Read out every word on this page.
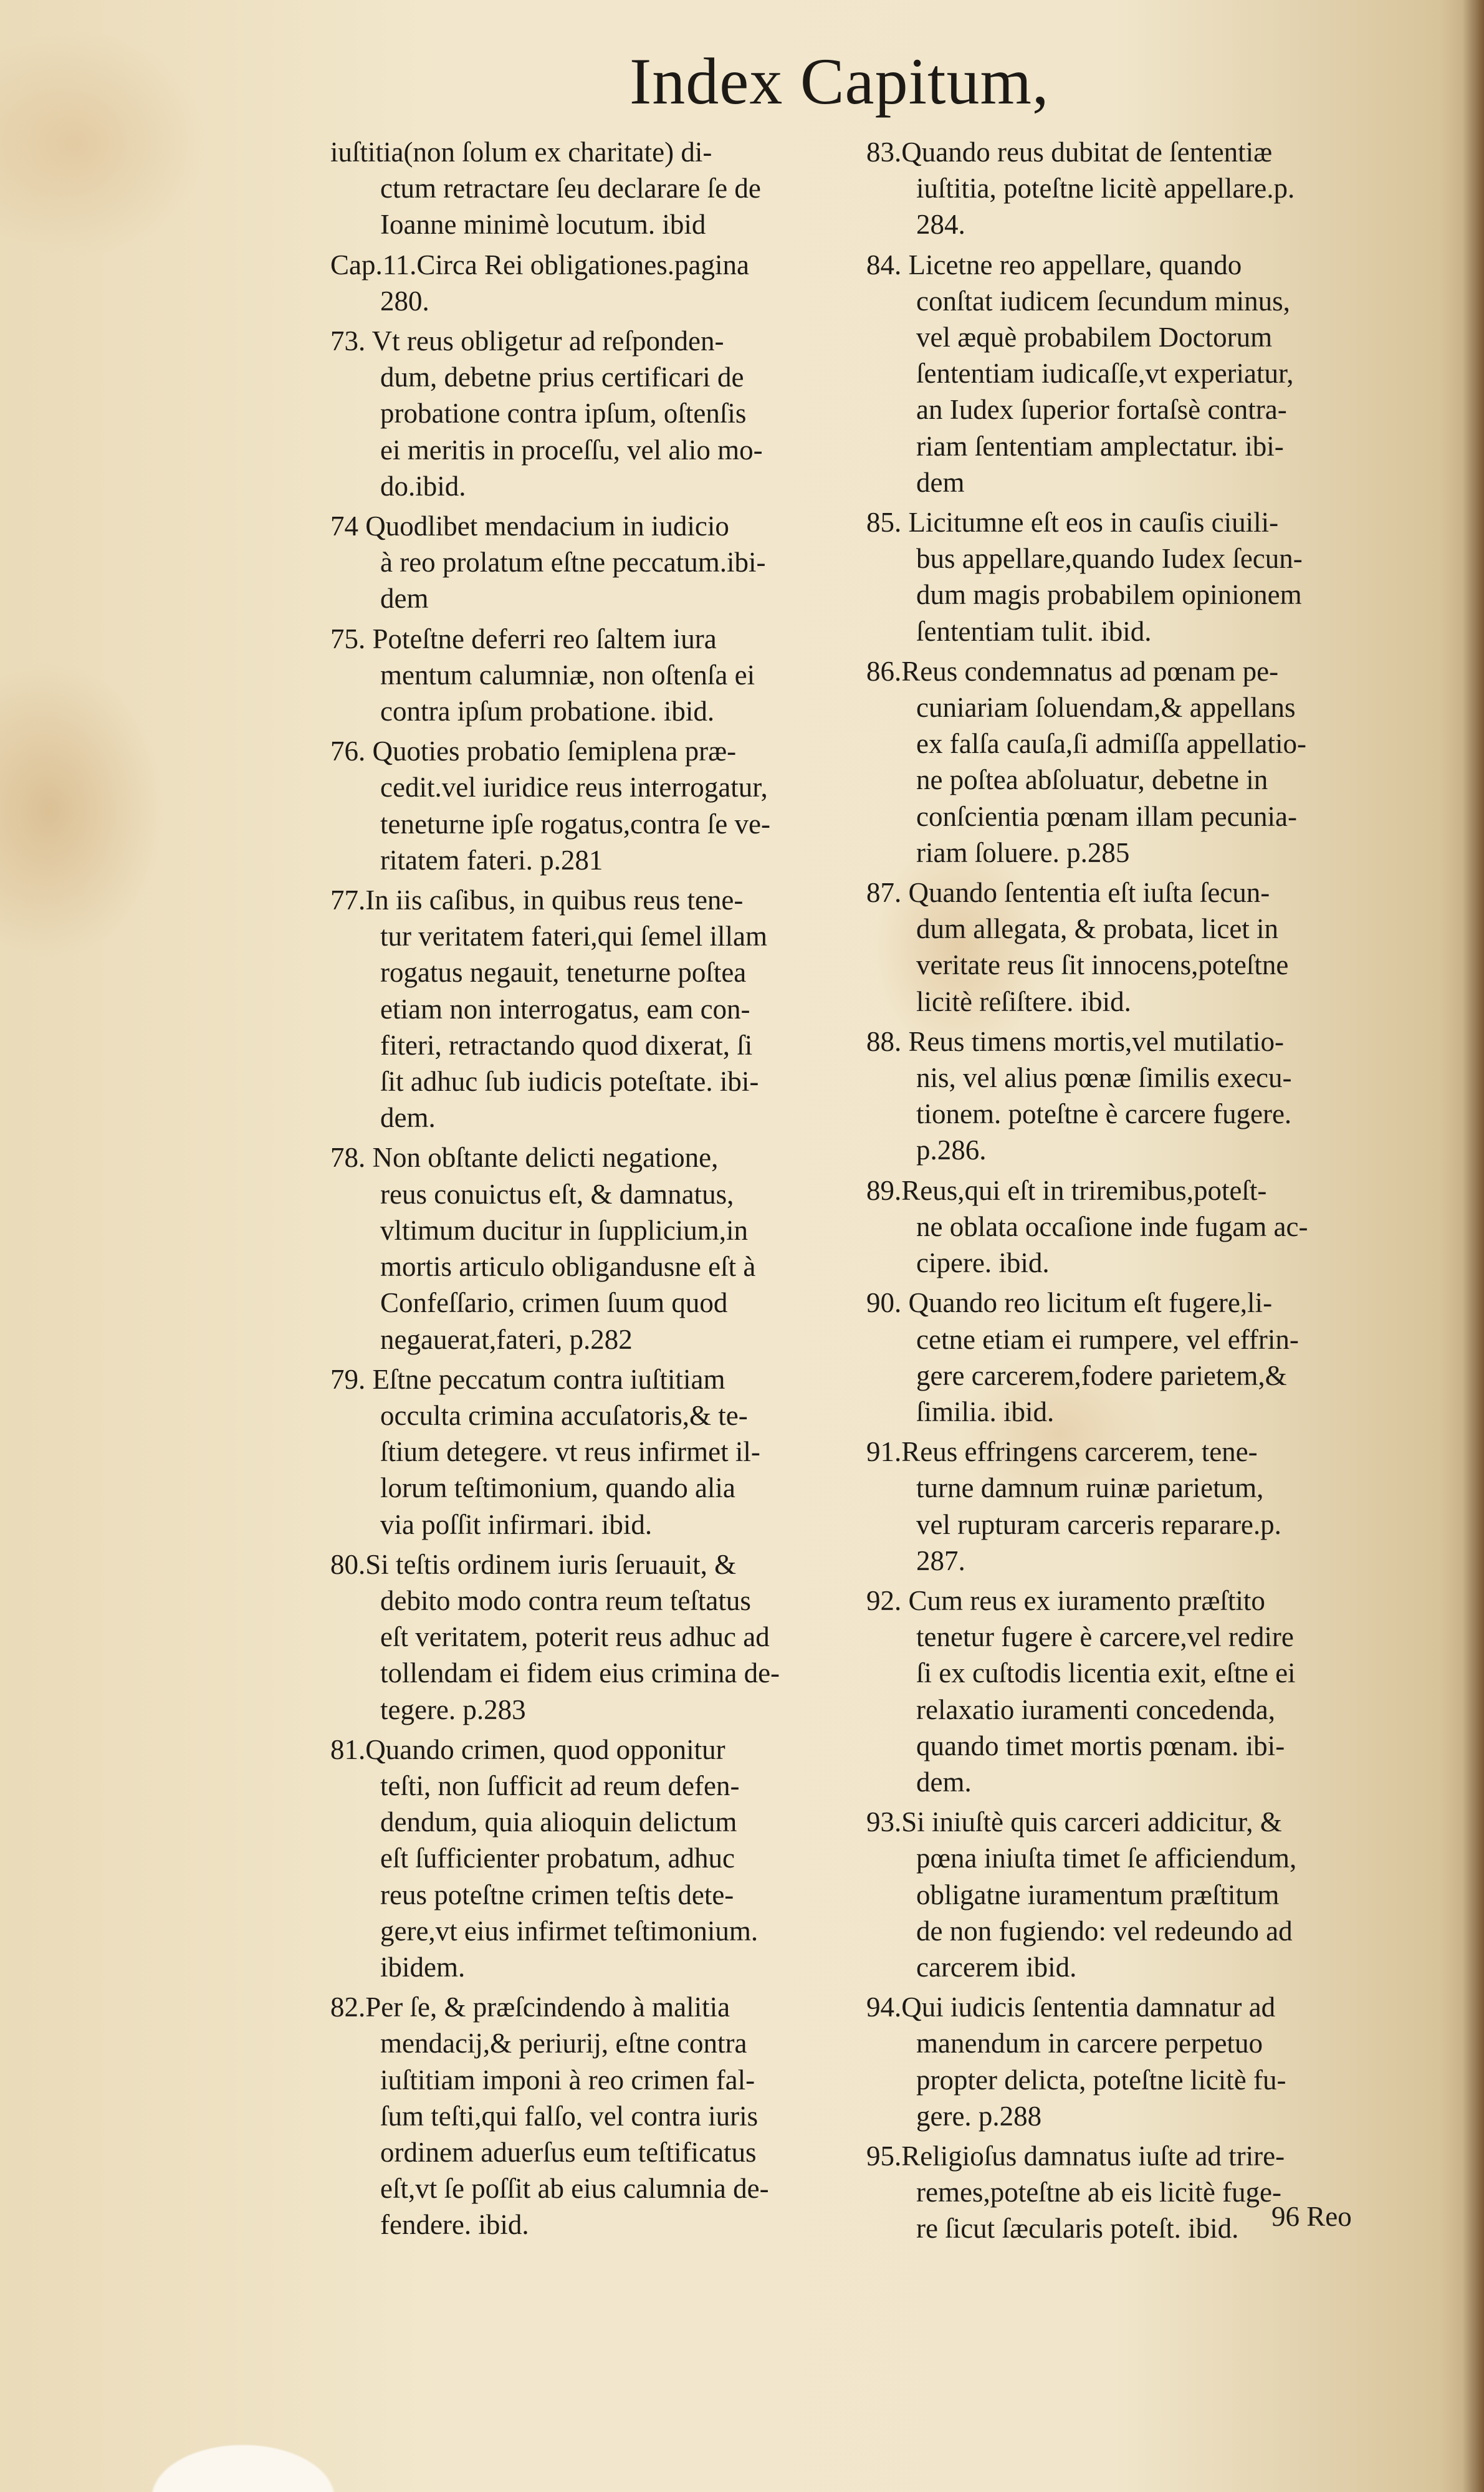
Index Capitum,
iuſtitia(non ſolum ex charitate) di-
ctum retractare ſeu declarare ſe de
Ioanne minimè locutum. ibid
Cap.11.Circa Rei obligationes.pagina
280.
73. Vt reus obligetur ad reſponden-
dum, debetne prius certificari de
probatione contra ipſum, oſtenſis
ei meritis in proceſſu, vel alio mo-
do.ibid.
74 Quodlibet mendacium in iudicio
à reo prolatum eſtne peccatum.ibi-
dem
75. Poteſtne deferri reo ſaltem iura
mentum calumniæ, non oſtenſa ei
contra ipſum probatione. ibid.
76. Quoties probatio ſemiplena præ-
cedit.vel iuridice reus interrogatur,
teneturne ipſe rogatus,contra ſe ve-
ritatem fateri. p.281
77.In iis caſibus, in quibus reus tene-
tur veritatem fateri,qui ſemel illam
rogatus negauit, teneturne poſtea
etiam non interrogatus, eam con-
fiteri, retractando quod dixerat, ſi
ſit adhuc ſub iudicis poteſtate. ibi-
dem.
78. Non obſtante delicti negatione,
reus conuictus eſt, & damnatus,
vltimum ducitur in ſupplicium,in
mortis articulo obligandusne eſt à
Confeſſario, crimen ſuum quod
negauerat,fateri, p.282
79. Eſtne peccatum contra iuſtitiam
occulta crimina accuſatoris,& te-
ſtium detegere. vt reus infirmet il-
lorum teſtimonium, quando alia
via poſſit infirmari. ibid.
80.Si teſtis ordinem iuris ſeruauit, &
debito modo contra reum teſtatus
eſt veritatem, poterit reus adhuc ad
tollendam ei fidem eius crimina de-
tegere. p.283
81.Quando crimen, quod opponitur
teſti, non ſufficit ad reum defen-
dendum, quia alioquin delictum
eſt ſufficienter probatum, adhuc
reus poteſtne crimen teſtis dete-
gere,vt eius infirmet teſtimonium.
ibidem.
82.Per ſe, & præſcindendo à malitia
mendacij,& periurij, eſtne contra
iuſtitiam imponi à reo crimen fal-
ſum teſti,qui falſo, vel contra iuris
ordinem aduerſus eum teſtificatus
eſt,vt ſe poſſit ab eius calumnia de-
fendere. ibid.
83.Quando reus dubitat de ſententiæ
iuſtitia, poteſtne licitè appellare.p.
284.
84. Licetne reo appellare, quando
conſtat iudicem ſecundum minus,
vel æquè probabilem Doctorum
ſententiam iudicaſſe,vt experiatur,
an Iudex ſuperior fortaſsè contra-
riam ſententiam amplectatur. ibi-
dem
85. Licitumne eſt eos in cauſis ciuili-
bus appellare,quando Iudex ſecun-
dum magis probabilem opinionem
ſententiam tulit. ibid.
86.Reus condemnatus ad pœnam pe-
cuniariam ſoluendam,& appellans
ex falſa cauſa,ſi admiſſa appellatio-
ne poſtea abſoluatur, debetne in
conſcientia pœnam illam pecunia-
riam ſoluere. p.285
87. Quando ſententia eſt iuſta ſecun-
dum allegata, & probata, licet in
veritate reus ſit innocens,poteſtne
licitè reſiſtere. ibid.
88. Reus timens mortis,vel mutilatio-
nis, vel alius pœnæ ſimilis execu-
tionem. poteſtne è carcere fugere.
p.286.
89.Reus,qui eſt in triremibus,poteſt-
ne oblata occaſione inde fugam ac-
cipere. ibid.
90. Quando reo licitum eſt fugere,li-
cetne etiam ei rumpere, vel effrin-
gere carcerem,fodere parietem,&
ſimilia. ibid.
91.Reus effringens carcerem, tene-
turne damnum ruinæ parietum,
vel rupturam carceris reparare.p.
287.
92. Cum reus ex iuramento præſtito
tenetur fugere è carcere,vel redire
ſi ex cuſtodis licentia exit, eſtne ei
relaxatio iuramenti concedenda,
quando timet mortis pœnam. ibi-
dem.
93.Si iniuſtè quis carceri addicitur, &
pœna iniuſta timet ſe afficiendum,
obligatne iuramentum præſtitum
de non fugiendo: vel redeundo ad
carcerem ibid.
94.Qui iudicis ſententia damnatur ad
manendum in carcere perpetuo
propter delicta, poteſtne licitè fu-
gere. p.288
95.Religioſus damnatus iuſte ad trire-
remes,poteſtne ab eis licitè fuge-
re ſicut ſæcularis poteſt. ibid.	96 Reo
